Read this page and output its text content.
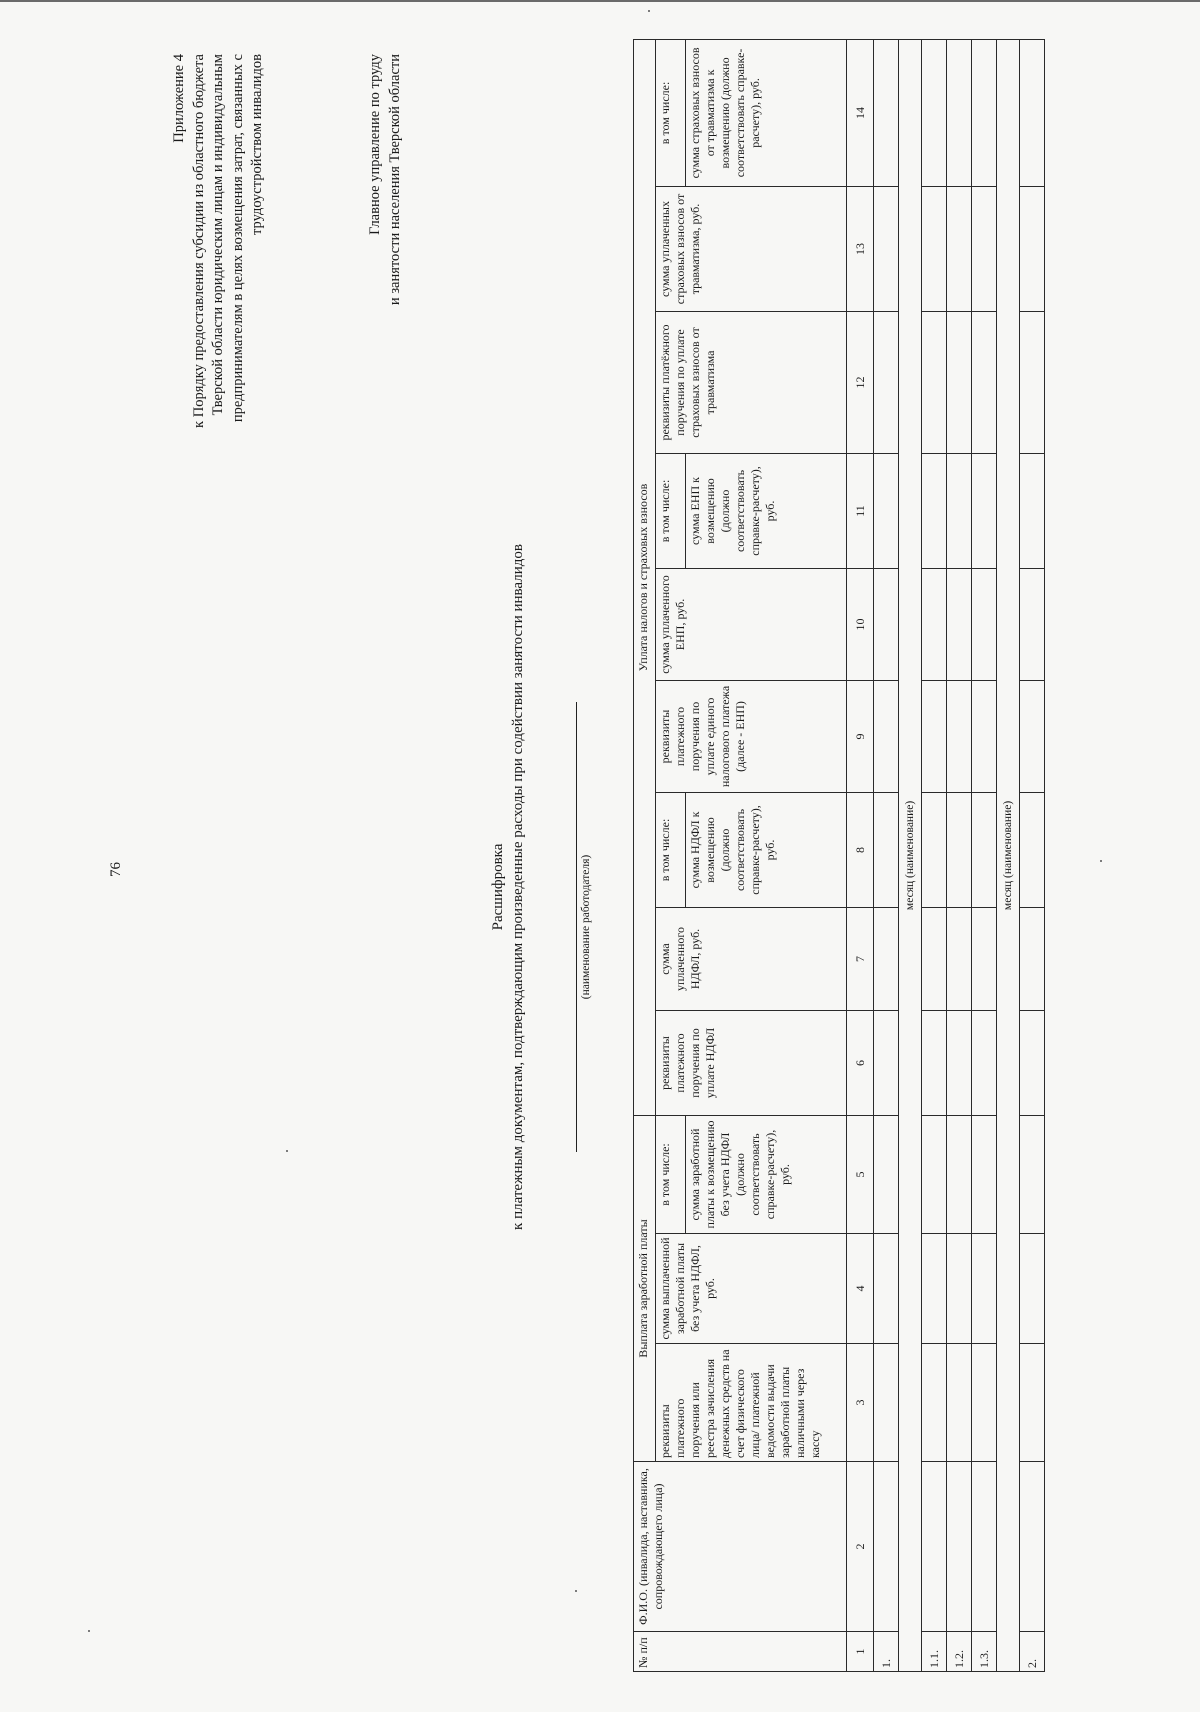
76
Приложение 4 к Порядку предоставления субсидии из областного бюджета Тверской области юридическим лицам и индивидуальным предпринимателям в целях возмещения затрат, связанных с трудоустройством инвалидов	Главное управление по труду и занятости населения Тверской области
Расшифровка к платежным документам, подтверждающим произведенные расходы при содействии занятости инвалидов	(наименование работодателя)
№ п/п	Ф.И.О. (инвалида, наставника, сопровождающего лица)	Выплата заработной платы			Уплата налогов и страховых взносов								
		реквизиты платежного поручения или реестра зачисления денежных средств на счет физического лица/ платежной ведомости выдачи заработной платы наличными через кассу	сумма выплаченной заработной платы без учета НДФЛ, руб.	в том числе:	реквизиты платежного поручения по уплате НДФЛ	сумма уплаченного НДФЛ, руб.	в том числе:	реквизиты платежного поручения по уплате единого налогового платежа (далее - ЕНП)	сумма уплаченного ЕНП, руб.	в том числе:	реквизиты платёжного поручения по уплате страховых взносов от травматизма	сумма уплаченных страховых взносов от травматизма, руб.	в том числе:
				сумма заработной платы к возмещению без учета НДФЛ (должно соответствовать справке-расчету), руб.			сумма НДФЛ к возмещению (должно соответствовать справке-расчету), руб.			сумма ЕНП к возмещению (должно соответствовать справке-расчету), руб.			сумма страховых взносов от травматизма к возмещению (должно соответствовать справке-расчету), руб.
1	2	3	4	5	6	7	8	9	10	11	12	13	14
1.													
месяц (наименование)													
1.1.													
1.2.													
1.3.													
месяц (наименование)													
2.													
